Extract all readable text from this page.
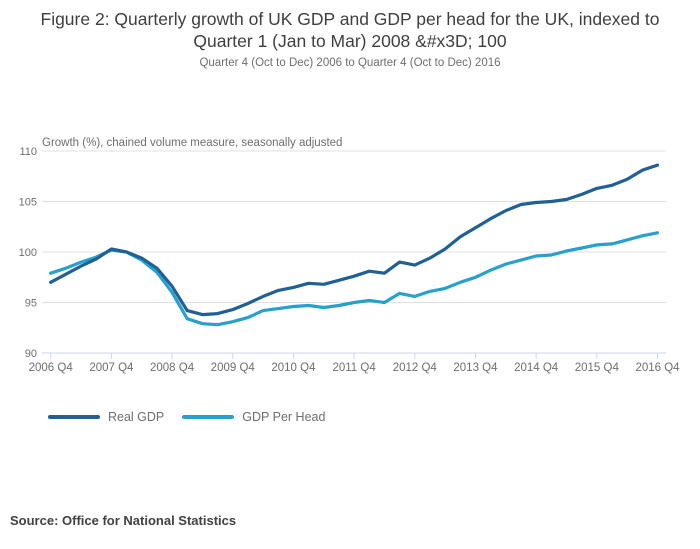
Figure 2: Quarterly growth of UK GDP and GDP per head for the UK, indexed to Quarter 1 (Jan to Mar) 2008 &#x3D; 100
Quarter 4 (Oct to Dec) 2006 to Quarter 4 (Oct to Dec) 2016
110
105
100
95
90
Growth (%), chained volume measure, seasonally adjusted
2006 Q4 2007 Q4 2008 Q4 2009 Q4 2010 Q4 2011 Q4 2012 Q4 2013 Q4 2014 Q4 2015 Q4 2016 Q4
Real GDP	GDP Per Head
Source: Office for National Statistics
